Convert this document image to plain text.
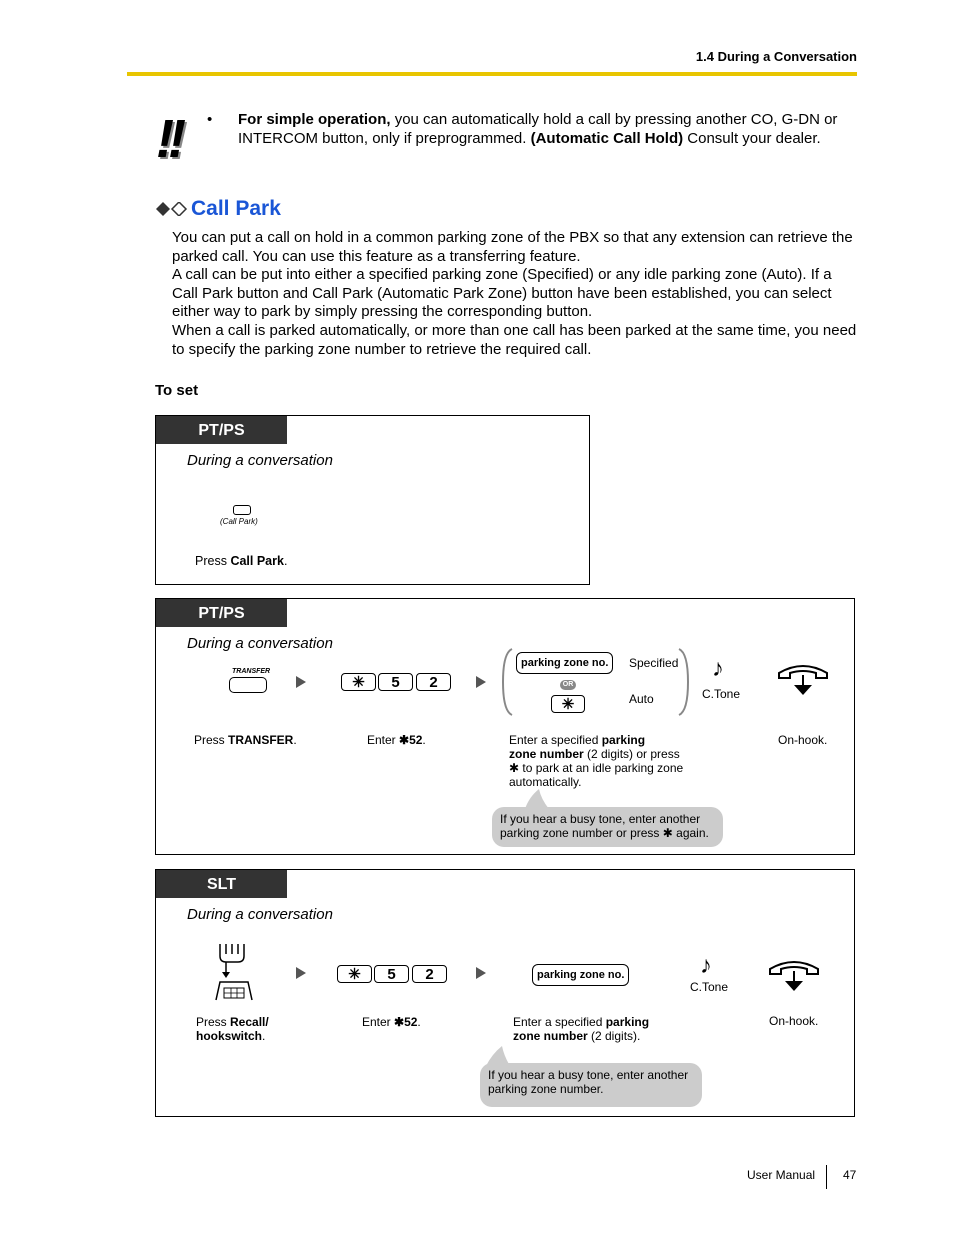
1.4 During a Conversation
!! • For simple operation, you can automatically hold a call by pressing another CO, G-DN or INTERCOM button, only if preprogrammed. (Automatic Call Hold) Consult your dealer.
Call Park

You can put a call on hold in a common parking zone of the PBX so that any extension can retrieve the parked call. You can use this feature as a transferring feature.

A call can be put into either a specified parking zone (Specified) or any idle parking zone (Auto). If a Call Park button and Call Park (Automatic Park Zone) button have been established, you can select either way to park by simply pressing the corresponding button.

When a call is parked automatically, or more than one call has been parked at the same time, you need to specify the parking zone number to retrieve the required call.

To set
PT/PS
During a conversation
(Call Park)
Press Call Park.
PT/PS
During a conversation
TRANSFER
✳	5	2
parking zone no.	Specified
OR
✳	Auto
♪
C.Tone
Press TRANSFER.	Enter ✱52.	Enter a specified parking
zone number (2 digits) or press
✱ to park at an idle parking zone
automatically.
On-hook.
If you hear a busy tone, enter another
parking zone number or press ✱ again.
SLT
During a conversation
✳	5	2	parking zone no.	♪
C.Tone
Press Recall/
hookswitch.
Enter ✱52.	Enter a specified parking
zone number (2 digits).
On-hook.
If you hear a busy tone, enter another
parking zone number.
User Manual 47
